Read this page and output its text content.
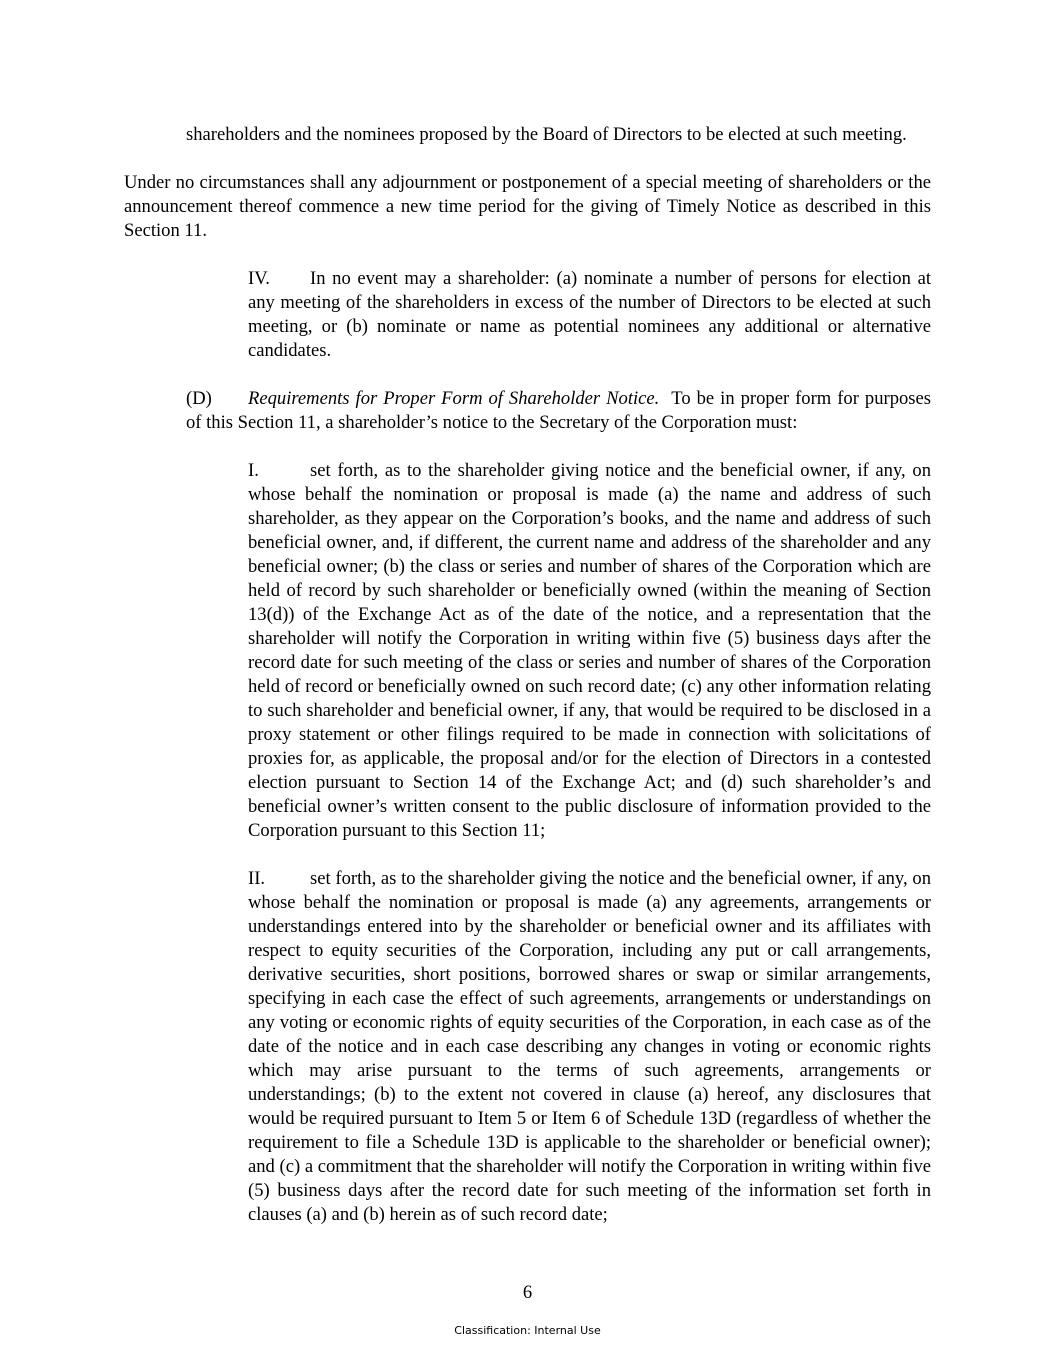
shareholders and the nominees proposed by the Board of Directors to be elected at such meeting.

Under no circumstances shall any adjournment or postponement of a special meeting of shareholders or the announcement thereof commence a new time period for the giving of Timely Notice as described in this Section 11.

IV. In no event may a shareholder: (a) nominate a number of persons for election at any meeting of the shareholders in excess of the number of Directors to be elected at such meeting, or (b) nominate or name as potential nominees any additional or alternative candidates.

(D) Requirements for Proper Form of Shareholder Notice. To be in proper form for purposes of this Section 11, a shareholder’s notice to the Secretary of the Corporation must:

I.	set forth, as to the shareholder giving notice and the beneficial owner, if any, on whose behalf the nomination or proposal is made (a) the name and address of such shareholder, as they appear on the Corporation’s books, and the name and address of such beneficial owner, and, if different, the current name and address of the shareholder and any beneficial owner; (b) the class or series and number of shares of the Corporation which are held of record by such shareholder or beneficially owned (within the meaning of Section 13(d)) of the Exchange Act as of the date of the notice, and a representation that the shareholder will notify the Corporation in writing within five (5) business days after the record date for such meeting of the class or series and number of shares of the Corporation held of record or beneficially owned on such record date; (c) any other information relating to such shareholder and beneficial owner, if any, that would be required to be disclosed in a proxy statement or other filings required to be made in connection with solicitations of proxies for, as applicable, the proposal and/or for the election of Directors in a contested election pursuant to Section 14 of the Exchange Act; and (d) such shareholder’s and beneficial owner’s written consent to the public disclosure of information provided to the Corporation pursuant to this Section 11;

II. set forth, as to the shareholder giving the notice and the beneficial owner, if any, on whose behalf the nomination or proposal is made (a) any agreements, arrangements or understandings entered into by the shareholder or beneficial owner and its affiliates with respect to equity securities of the Corporation, including any put or call arrangements, derivative securities, short positions, borrowed shares or swap or similar arrangements, specifying in each case the effect of such agreements, arrangements or understandings on any voting or economic rights of equity securities of the Corporation, in each case as of the date of the notice and in each case describing any changes in voting or economic rights which may arise pursuant to the terms of such agreements, arrangements or understandings; (b) to the extent not covered in clause (a) hereof, any disclosures that would be required pursuant to Item 5 or Item 6 of Schedule 13D (regardless of whether the requirement to file a Schedule 13D is applicable to the shareholder or beneficial owner); and (c) a commitment that the shareholder will notify the Corporation in writing within five (5) business days after the record date for such meeting of the information set forth in clauses (a) and (b) herein as of such record date;

6
Classification: Internal Use
